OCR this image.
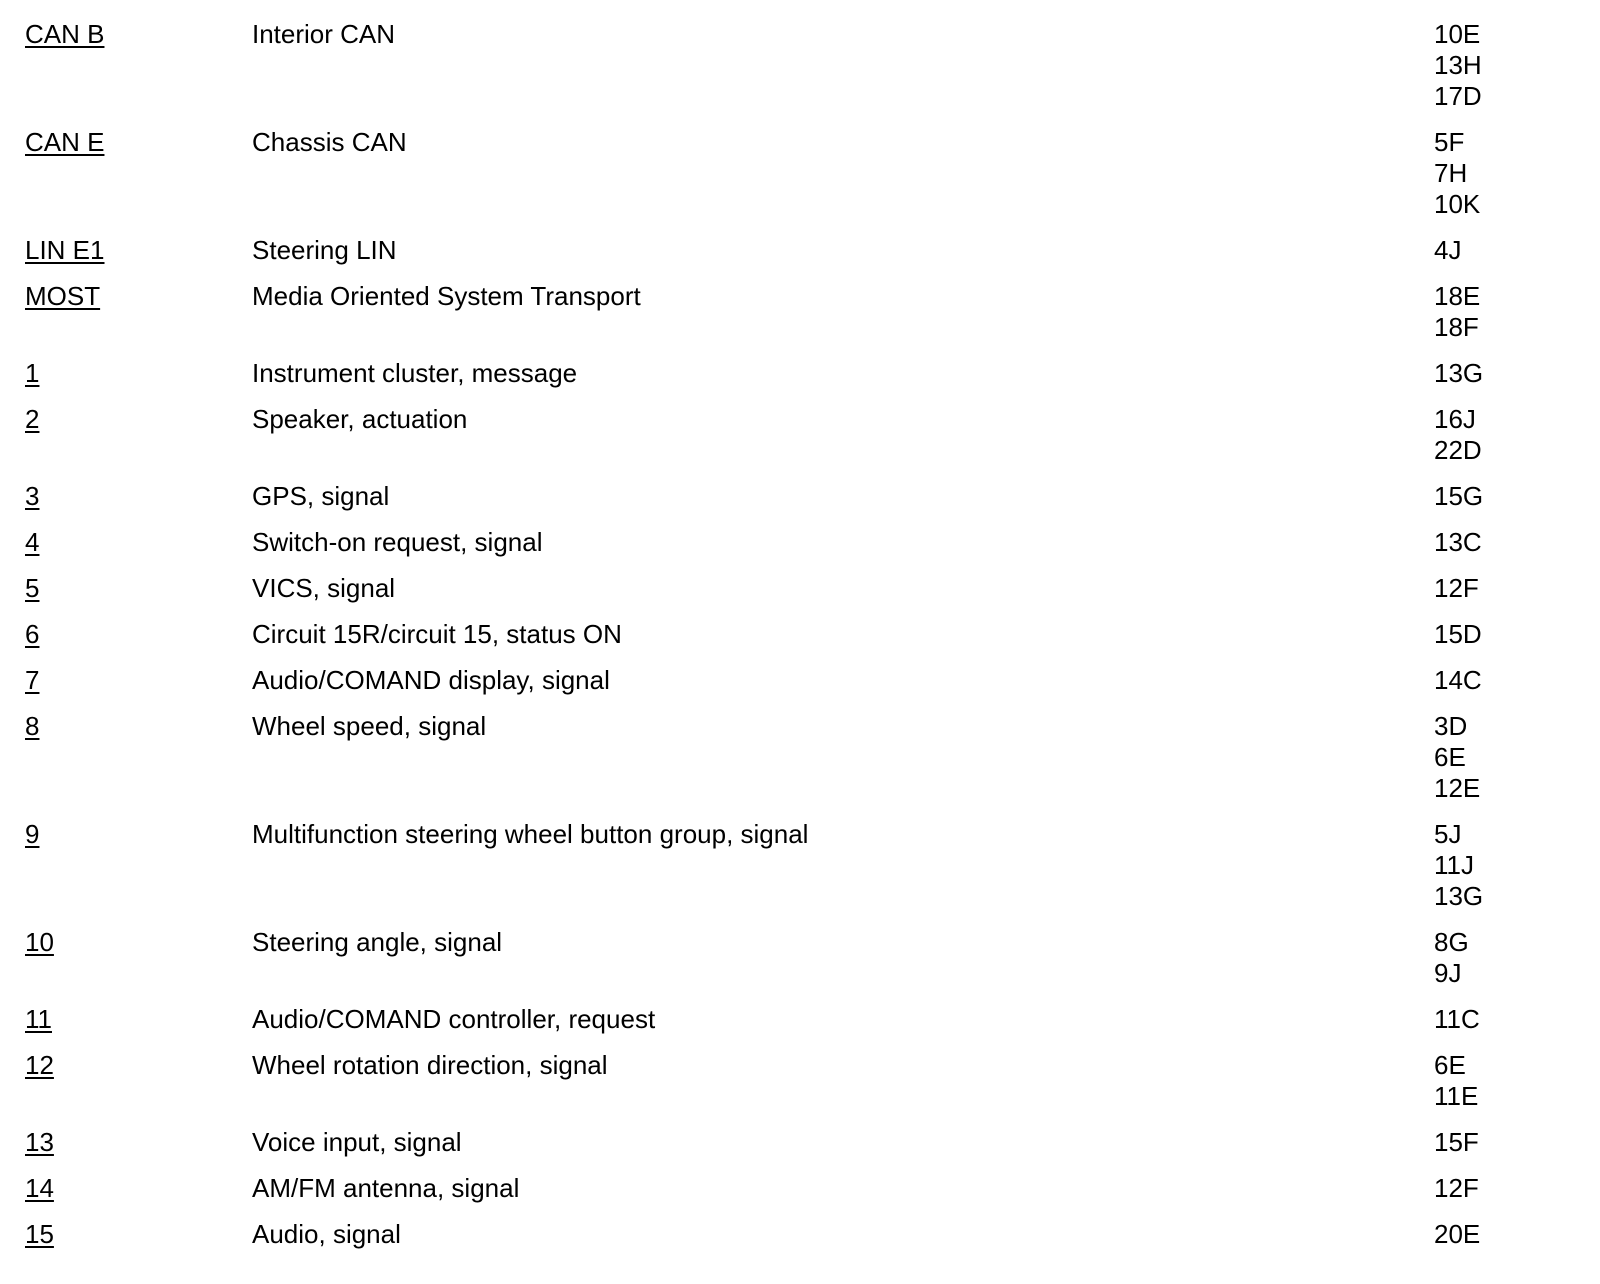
CAN B	Interior CAN	10E
13H
17D
CAN E	Chassis CAN	5F
7H
10K
LIN E1	Steering LIN	4J
MOST	Media Oriented System Transport	18E
18F
1	Instrument cluster, message	13G
2	Speaker, actuation	16J
22D
3	GPS, signal	15G
4	Switch-on request, signal	13C
5	VICS, signal	12F
6	Circuit 15R/circuit 15, status ON	15D
7	Audio/COMAND display, signal	14C
8	Wheel speed, signal	3D
6E
12E
9	Multifunction steering wheel button group, signal	5J
11J
13G
10	Steering angle, signal	8G
9J
11	Audio/COMAND controller, request	11C
12	Wheel rotation direction, signal	6E
11E
13	Voice input, signal	15F
14	AM/FM antenna, signal	12F
15	Audio, signal	20E
